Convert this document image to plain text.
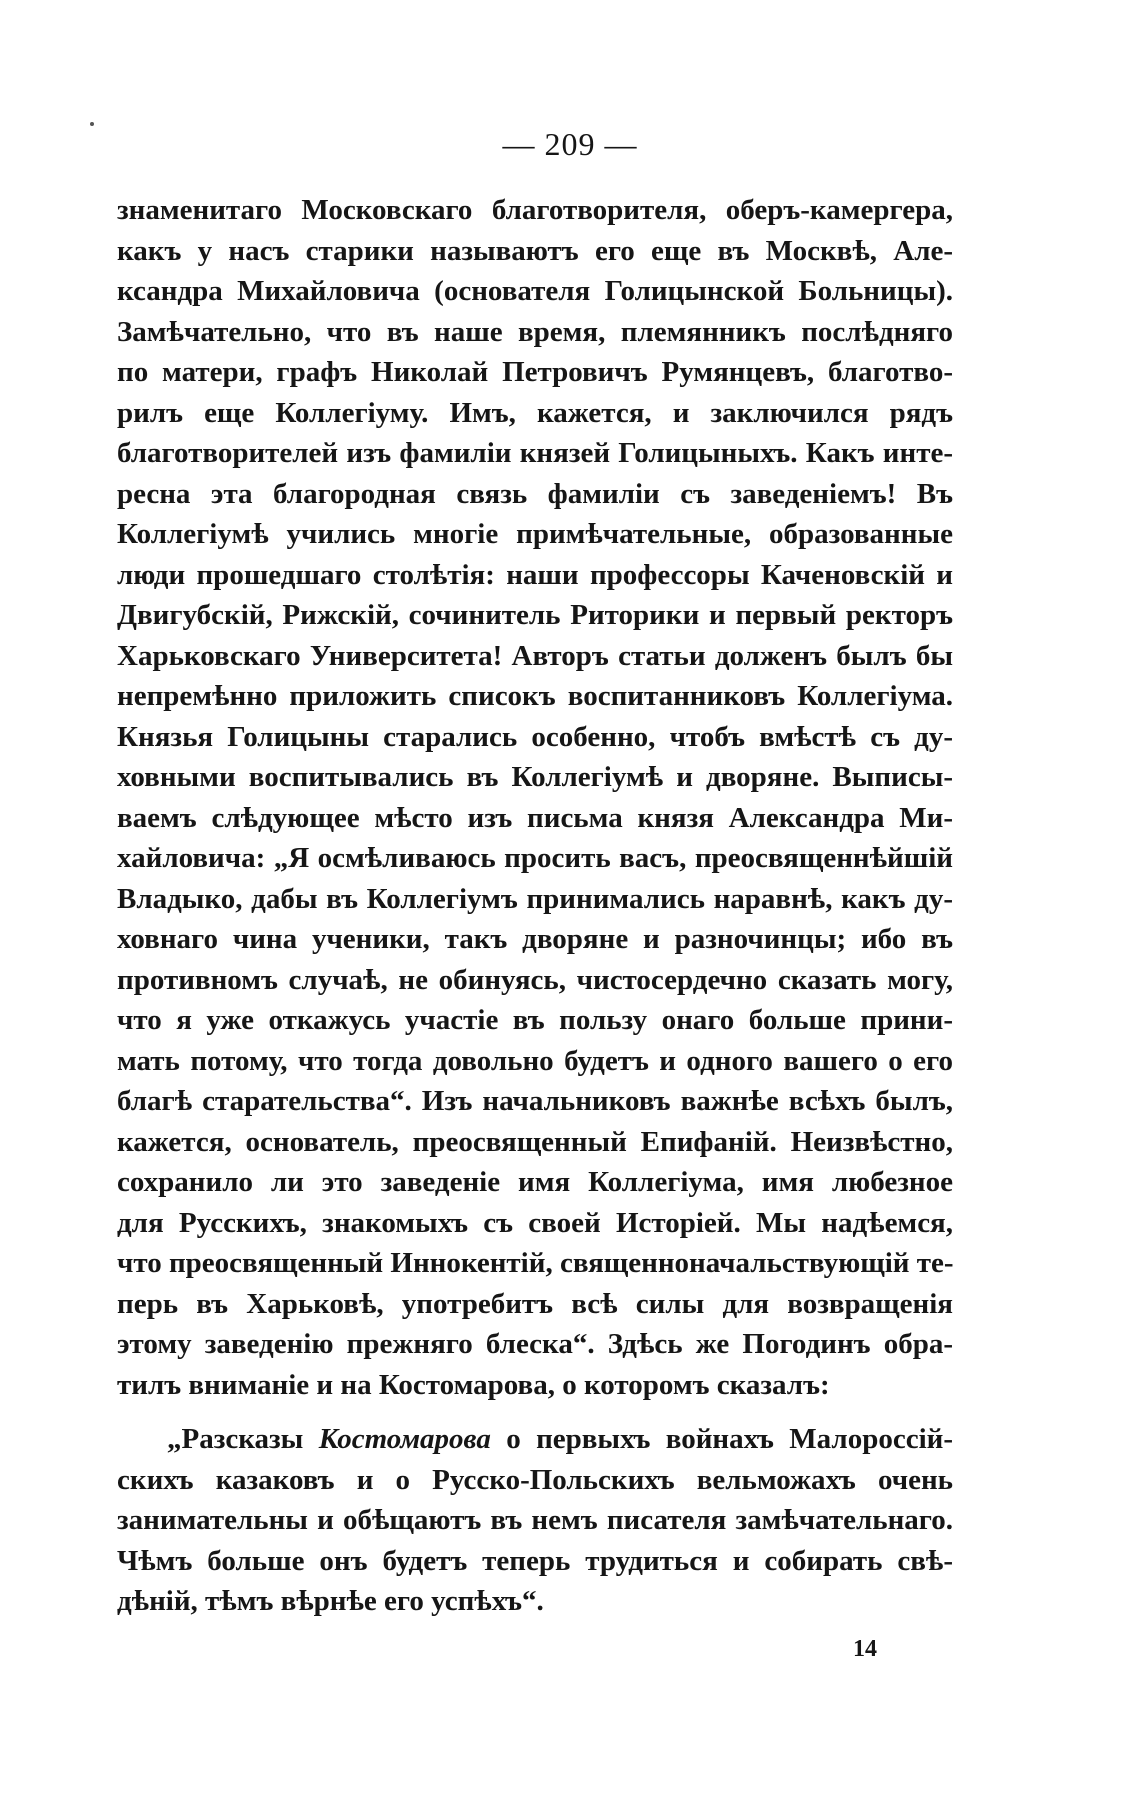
— 209 —
знаменитаго Московскаго благотворителя, оберъ-камергера,
какъ у насъ старики называютъ его еще въ Москвѣ, Але-
ксандра Михайловича (основателя Голицынской Больницы).
Замѣчательно, что въ наше время, племянникъ послѣдняго
по матери, графъ Николай Петровичъ Румянцевъ, благотво-
рилъ еще Коллегіуму. Имъ, кажется, и заключился рядъ
благотворителей изъ фамиліи князей Голицыныхъ. Какъ инте-
ресна эта благородная связь фамиліи съ заведеніемъ! Въ
Коллегіумѣ учились многіе примѣчательные, образованные
люди прошедшаго столѣтія: наши профессоры Каченовскій и
Двигубскій, Рижскій, сочинитель Риторики и первый ректоръ
Харьковскаго Университета! Авторъ статьи долженъ былъ бы
непремѣнно приложить списокъ воспитанниковъ Коллегіума.
Князья Голицыны старались особенно, чтобъ вмѣстѣ съ ду-
ховными воспитывались въ Коллегіумѣ и дворяне. Выписы-
ваемъ слѣдующее мѣсто изъ письма князя Александра Ми-
хайловича: „Я осмѣливаюсь просить васъ, преосвященнѣйшій
Владыко, дабы въ Коллегіумъ принимались наравнѣ, какъ ду-
ховнаго чина ученики, такъ дворяне и разночинцы; ибо въ
противномъ случаѣ, не обинуясь, чистосердечно сказать могу,
что я уже откажусь участіе въ пользу онаго больше прини-
мать потому, что тогда довольно будетъ и одного вашего о его
благѣ старательства“. Изъ начальниковъ важнѣе всѣхъ былъ,
кажется, основатель, преосвященный Епифаній. Неизвѣстно,
сохранило ли это заведеніе имя Коллегіума, имя любезное
для Русскихъ, знакомыхъ съ своей Исторіей. Мы надѣемся,
что преосвященный Иннокентій, священноначальствующій те-
перь въ Харьковѣ, употребитъ всѣ силы для возвращенія
этому заведенію прежняго блеска“. Здѣсь же Погодинъ обра-
тилъ вниманіе и на Костомарова, о которомъ сказалъ:
„Разсказы Костомарова о первыхъ войнахъ Малороссій-
скихъ казаковъ и о Русско-Польскихъ вельможахъ очень
занимательны и обѣщаютъ въ немъ писателя замѣчательнаго.
Чѣмъ больше онъ будетъ теперь трудиться и собирать свѣ-
дѣній, тѣмъ вѣрнѣе его успѣхъ“.
14
